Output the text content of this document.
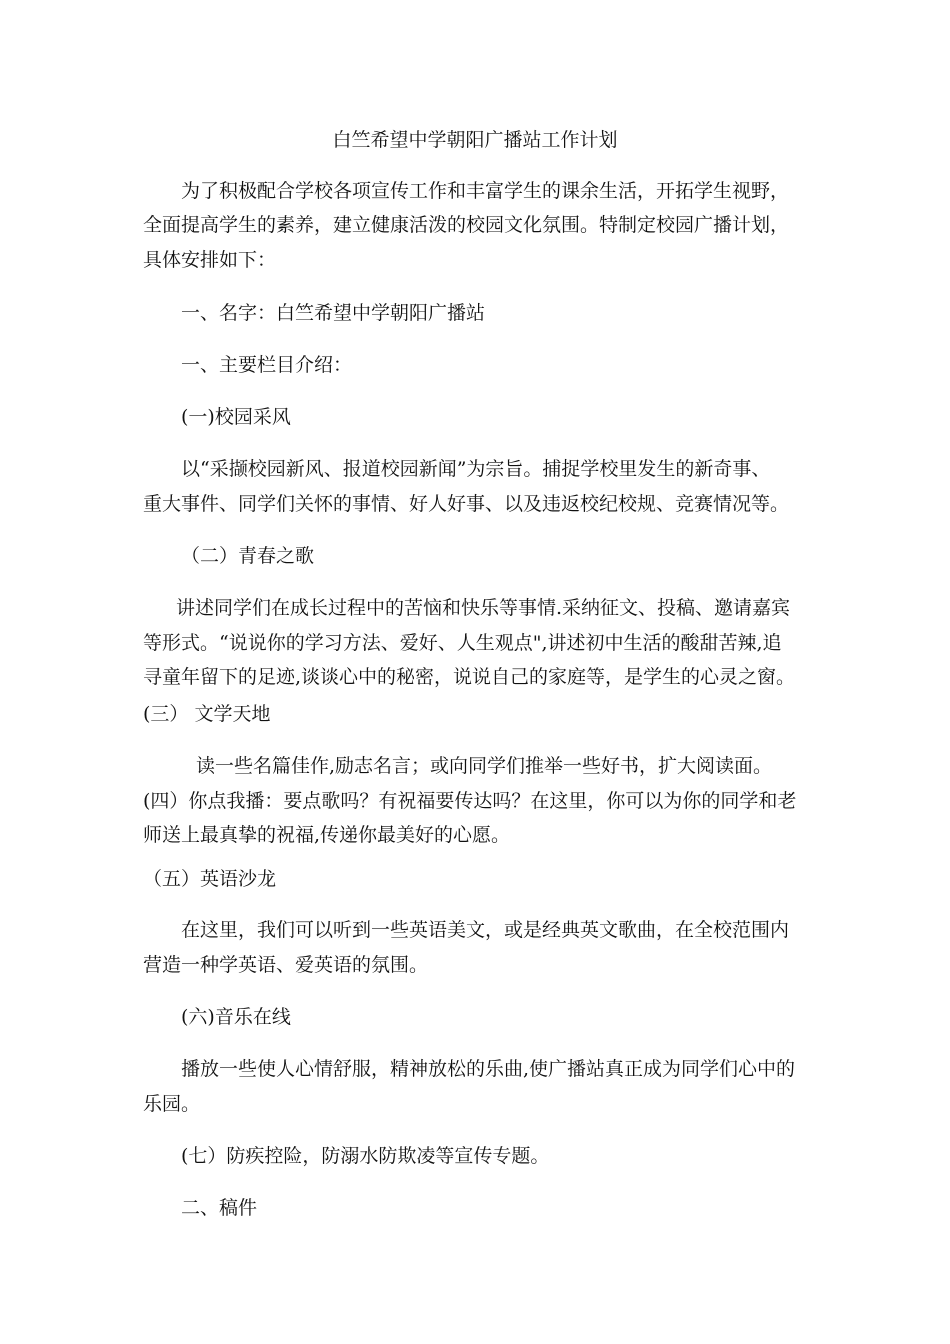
白竺希望中学朝阳广播站工作计划
为了积极配合学校各项宣传工作和丰富学生的课余生活，开拓学生视野，
全面提高学生的素养，建立健康活泼的校园文化氛围。特制定校园广播计划，
具体安排如下：
一、名字：白竺希望中学朝阳广播站
一、主要栏目介绍：
(一)校园采风
以“采撷校园新风、报道校园新闻”为宗旨。捕捉学校里发生的新奇事、
重大事件、同学们关怀的事情、好人好事、以及违返校纪校规、竞赛情况等。
（二）青春之歌
讲述同学们在成长过程中的苦恼和快乐等事情.采纳征文、投稿、邀请嘉宾
等形式。“说说你的学习方法、爱好、人生观点",讲述初中生活的酸甜苦辣,追
寻童年留下的足迹,谈谈心中的秘密，说说自己的家庭等，是学生的心灵之窗。
(三） 文学天地
读一些名篇佳作,励志名言；或向同学们推举一些好书，扩大阅读面。
(四）你点我播：要点歌吗？有祝福要传达吗？在这里，你可以为你的同学和老
师送上最真挚的祝福,传递你最美好的心愿。
（五）英语沙龙
在这里，我们可以听到一些英语美文，或是经典英文歌曲，在全校范围内
营造一种学英语、爱英语的氛围。
(六)音乐在线
播放一些使人心情舒服，精神放松的乐曲,使广播站真正成为同学们心中的
乐园。
(七）防疾控险，防溺水防欺凌等宣传专题。
二、稿件
